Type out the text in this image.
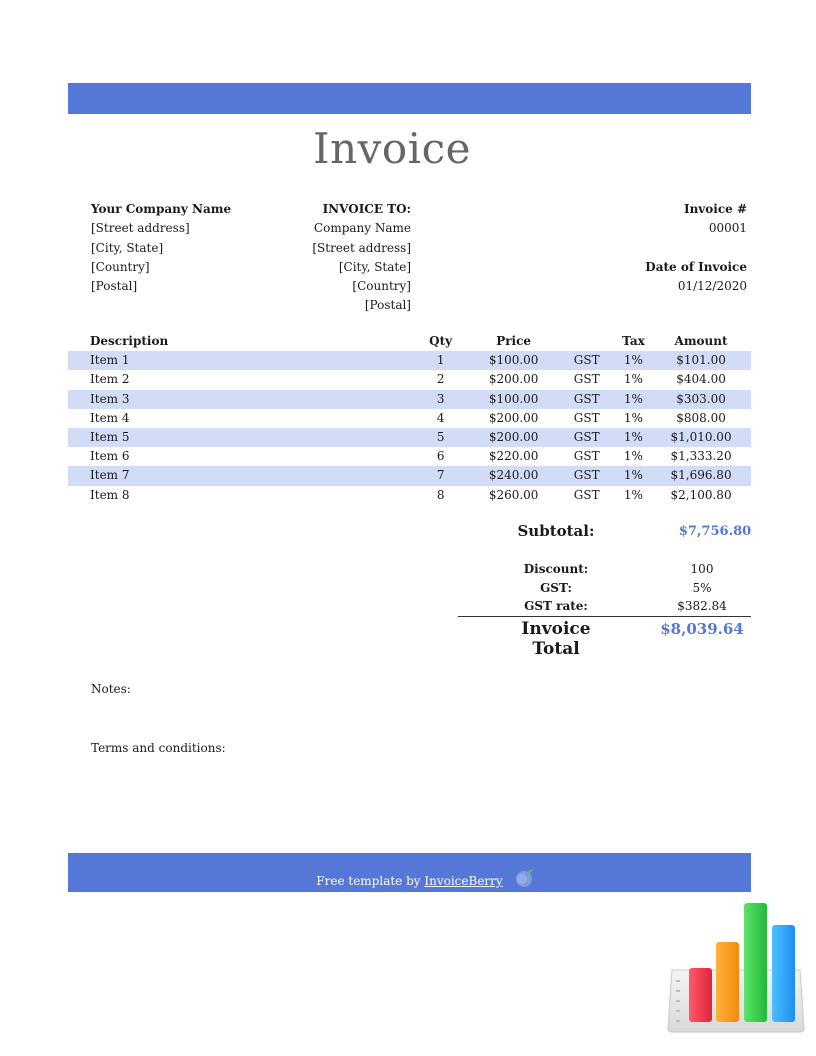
Invoice
Your Company Name
[Street address]
[City, State]
[Country]
[Postal]
INVOICE TO:
Company Name
[Street address]
[City, State]
[Country]
[Postal]
Invoice #
00001

Date of Invoice
01/12/2020
Description	Qty	Price		Tax	Amount
Item 1	1	$100.00	GST	1%	$101.00
Item 2	2	$200.00	GST	1%	$404.00
Item 3	3	$100.00	GST	1%	$303.00
Item 4	4	$200.00	GST	1%	$808.00
Item 5	5	$200.00	GST	1%	$1,010.00
Item 6	6	$220.00	GST	1%	$1,333.20
Item 7	7	$240.00	GST	1%	$1,696.80
Item 8	8	$260.00	GST	1%	$2,100.80
Subtotal:	$7,756.80
Discount:	100
GST:	5%
GST rate:	$382.84
Invoice Total
$8,039.64
Notes:
Terms and conditions:
Free template by InvoiceBerry
